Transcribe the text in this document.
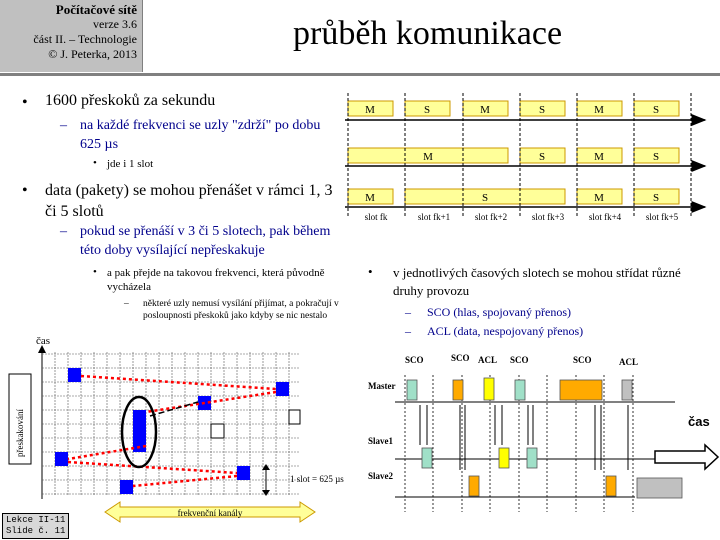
Počítačové sítě
verze 3.6
část II. – Technologie
© J. Peterka, 2013
průběh komunikace
• 1600 přeskoků za sekundu
– na každé frekvenci se uzly "zdrží" po dobu 625 µs
• jde i 1 slot
• data (pakety) se mohou přenášet v rámci 1, 3 či 5 slotů
– pokud se přenáší v 3 či 5 slotech, pak během této doby vysílající nepřeskakuje
• a pak přejde na takovou frekvenci, která původně vycházela
– některé uzly nemusí vysílání přijímat, a pokračují v posloupnosti přeskoků jako kdyby se nic nestalo
M	S	M	S	M	S
M	S	M	S
M	S	M	S
slot fk	slot fk+1	slot fk+2	slot fk+3	slot fk+4	slot fk+5
• v jednotlivých časových slotech se mohou střídat různé druhy provozu
– SCO (hlas, spojovaný přenos)
– ACL (data, nespojovaný přenos)
čas
přeskakování
1 slot = 625 µs
frekvenční kanály
SCO	SCO ACL SCO	SCO	ACL
Master
Slave1
Slave2
čas
Lekce II-11
Slide č. 11
